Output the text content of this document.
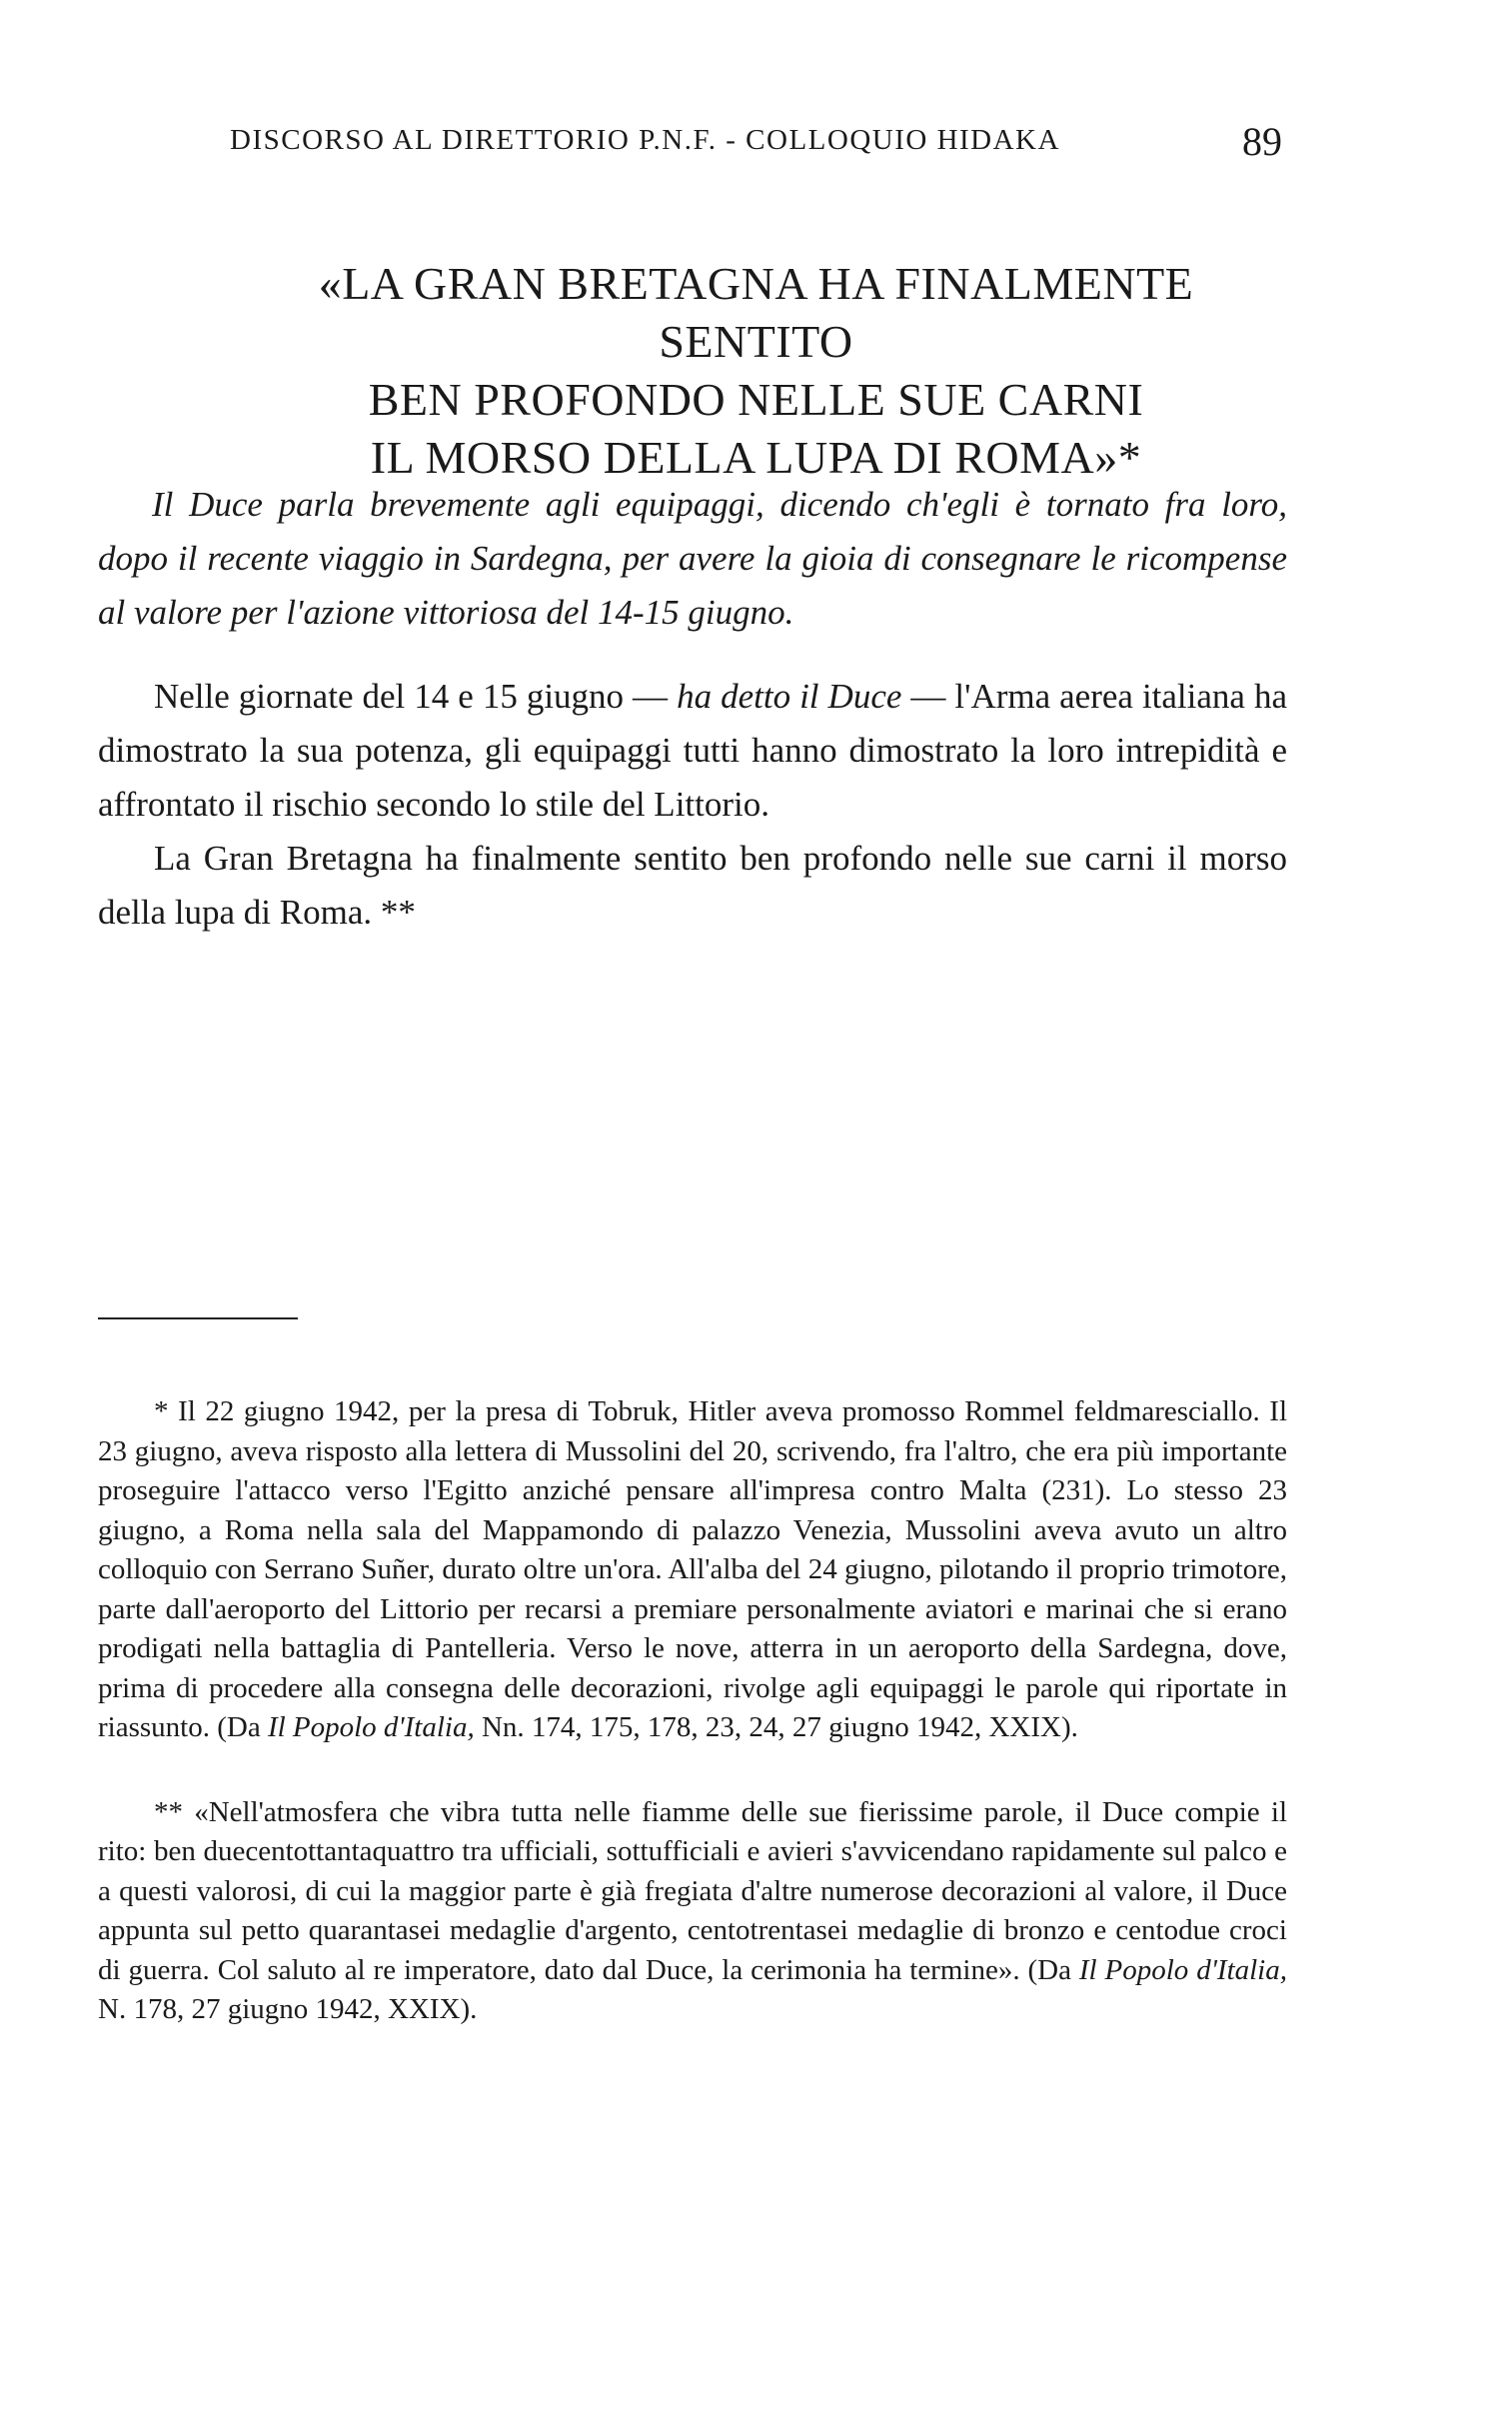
DISCORSO AL DIRETTORIO P.N.F. - COLLOQUIO HIDAKA	89
«LA GRAN BRETAGNA HA FINALMENTE SENTITO
BEN PROFONDO NELLE SUE CARNI
IL MORSO DELLA LUPA DI ROMA»*
Il Duce parla brevemente agli equipaggi, dicendo ch'egli è tornato fra loro, dopo il recente viaggio in Sardegna, per avere la gioia di consegnare le ricompense al valore per l'azione vittoriosa del 14-15 giugno.

Nelle giornate del 14 e 15 giugno — ha detto il Duce — l'Arma aerea italiana ha dimostrato la sua potenza, gli equipaggi tutti hanno dimostrato la loro intrepidità e affrontato il rischio secondo lo stile del Littorio.

La Gran Bretagna ha finalmente sentito ben profondo nelle sue carni il morso della lupa di Roma. **

* Il 22 giugno 1942, per la presa di Tobruk, Hitler aveva promosso Rommel feldmaresciallo. Il 23 giugno, aveva risposto alla lettera di Mussolini del 20, scrivendo, fra l'altro, che era più importante proseguire l'attacco verso l'Egitto anziché pensare all'impresa contro Malta (231). Lo stesso 23 giugno, a Roma nella sala del Mappamondo di palazzo Venezia, Mussolini aveva avuto un altro colloquio con Serrano Suñer, durato oltre un'ora. All'alba del 24 giugno, pilotando il proprio trimotore, parte dall'aeroporto del Littorio per recarsi a premiare personalmente aviatori e marinai che si erano prodigati nella battaglia di Pantelleria. Verso le nove, atterra in un aeroporto della Sardegna, dove, prima di procedere alla consegna delle decorazioni, rivolge agli equipaggi le parole qui riportate in riassunto. (Da Il Popolo d'Italia, Nn. 174, 175, 178, 23, 24, 27 giugno 1942, XXIX).

** «Nell'atmosfera che vibra tutta nelle fiamme delle sue fierissime parole, il Duce compie il rito: ben duecentottantaquattro tra ufficiali, sottufficiali e avieri s'avvicendano rapidamente sul palco e a questi valorosi, di cui la maggior parte è già fregiata d'altre numerose decorazioni al valore, il Duce appunta sul petto quarantasei medaglie d'argento, centotrentasei medaglie di bronzo e centodue croci di guerra. Col saluto al re imperatore, dato dal Duce, la cerimonia ha termine». (Da Il Popolo d'Italia, N. 178, 27 giugno 1942, XXIX).
